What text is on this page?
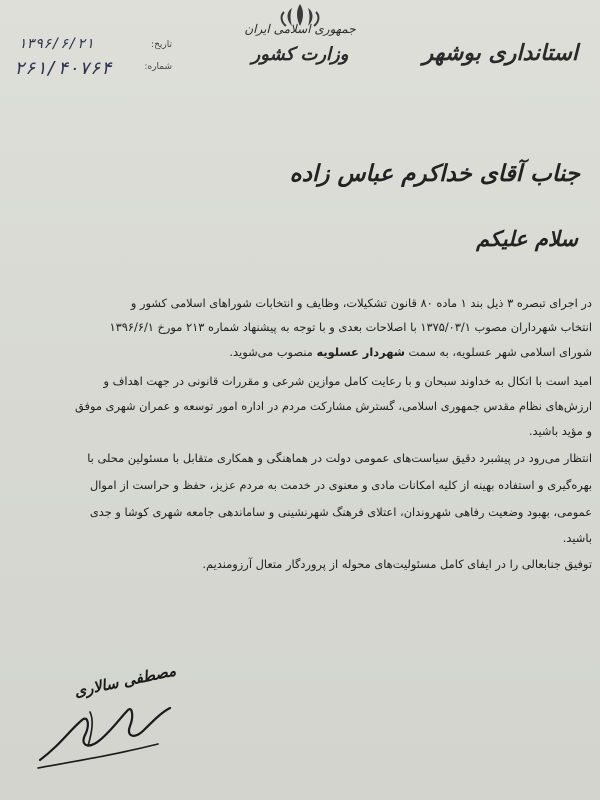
جمهوری اسلامی ایران
وزارت کشور	استانداری بوشهر
تاریخ:
شماره:
۱۳۹۶/۶/۲۱
۲۶۱/۴۰۷۶۴
جناب آقای خداکرم عباس زاده
سلام علیکم
در اجرای تبصره ۳ ذیل بند ۱ ماده ۸۰ قانون تشکیلات، وظایف و انتخابات شوراهای اسلامی کشور و
انتخاب شهرداران مصوب ۱۳۷۵/۰۳/۱ با اصلاحات بعدی و با توجه به پیشنهاد شماره ۲۱۳ مورخ ۱۳۹۶/۶/۱
شورای اسلامی شهر عسلویه، به سمت شهردار عسلویه منصوب می‌شوید.
امید است با اتکال به خداوند سبحان و با رعایت کامل موازین شرعی و مقررات قانونی در جهت اهداف و
ارزش‌های نظام مقدس جمهوری اسلامی، گسترش مشارکت مردم در اداره امور توسعه و عمران شهری موفق
و مؤید باشید.
انتظار می‌رود در پیشبرد دقیق سیاست‌های عمومی دولت در هماهنگی و همکاری متقابل با مسئولین محلی با
بهره‌گیری و استفاده بهینه از کلیه امکانات مادی و معنوی در خدمت به مردم عزیز، حفظ و حراست از اموال
عمومی، بهبود وضعیت رفاهی شهروندان، اعتلای فرهنگ شهرنشینی و ساماندهی جامعه شهری کوشا و جدی
باشید.
توفیق جنابعالی را در ایفای کامل مسئولیت‌های محوله از پروردگار متعال آرزومندیم.
مصطفی سالاری
